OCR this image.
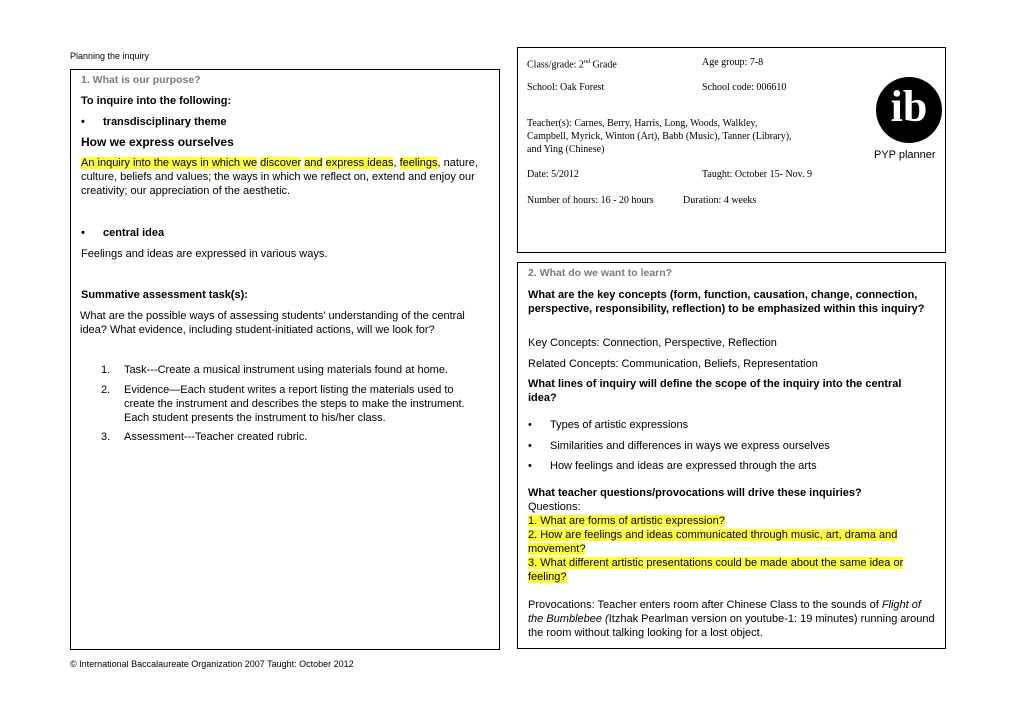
Planning the inquiry
1. What is our purpose?
To inquire into the following:
• transdisciplinary theme
How we express ourselves
An inquiry into the ways in which we discover and express ideas, feelings, nature, culture, beliefs and values; the ways in which we reflect on, extend and enjoy our creativity; our appreciation of the aesthetic.
• central idea
Feelings and ideas are expressed in various ways.
Summative assessment task(s):
What are the possible ways of assessing students' understanding of the central idea? What evidence, including student-initiated actions, will we look for?
1. Task---Create a musical instrument using materials found at home.
2. Evidence—Each student writes a report listing the materials used to create the instrument and describes the steps to make the instrument. Each student presents the instrument to his/her class.
3. Assessment---Teacher created rubric.
Class/grade: 2nd Grade	Age group: 7-8
School: Oak Forest	School code: 006610
Teacher(s): Carnes, Berry, Harris, Long, Woods, Walkley,
Campbell, Myrick, Winton (Art), Babb (Music), Tanner (Library),
and Ying (Chinese)
Date: 5/2012	Taught: October 15- Nov. 9
Number of hours: 16 - 20 hours	Duration: 4 weeks
ib
PYP planner
2. What do we want to learn?
What are the key concepts (form, function, causation, change, connection, perspective, responsibility, reflection) to be emphasized within this inquiry?
Key Concepts: Connection, Perspective, Reflection
Related Concepts: Communication, Beliefs, Representation
What lines of inquiry will define the scope of the inquiry into the central idea?
• Types of artistic expressions
• Similarities and differences in ways we express ourselves
• How feelings and ideas are expressed through the arts
What teacher questions/provocations will drive these inquiries?
Questions:
1. What are forms of artistic expression?
2. How are feelings and ideas communicated through music, art, drama and movement?
3. What different artistic presentations could be made about the same idea or feeling?
Provocations: Teacher enters room after Chinese Class to the sounds of Flight of the Bumblebee (Itzhak Pearlman version on youtube-1: 19 minutes) running around the room without talking looking for a lost object.
© International Baccalaureate Organization 2007 Taught: October 2012
